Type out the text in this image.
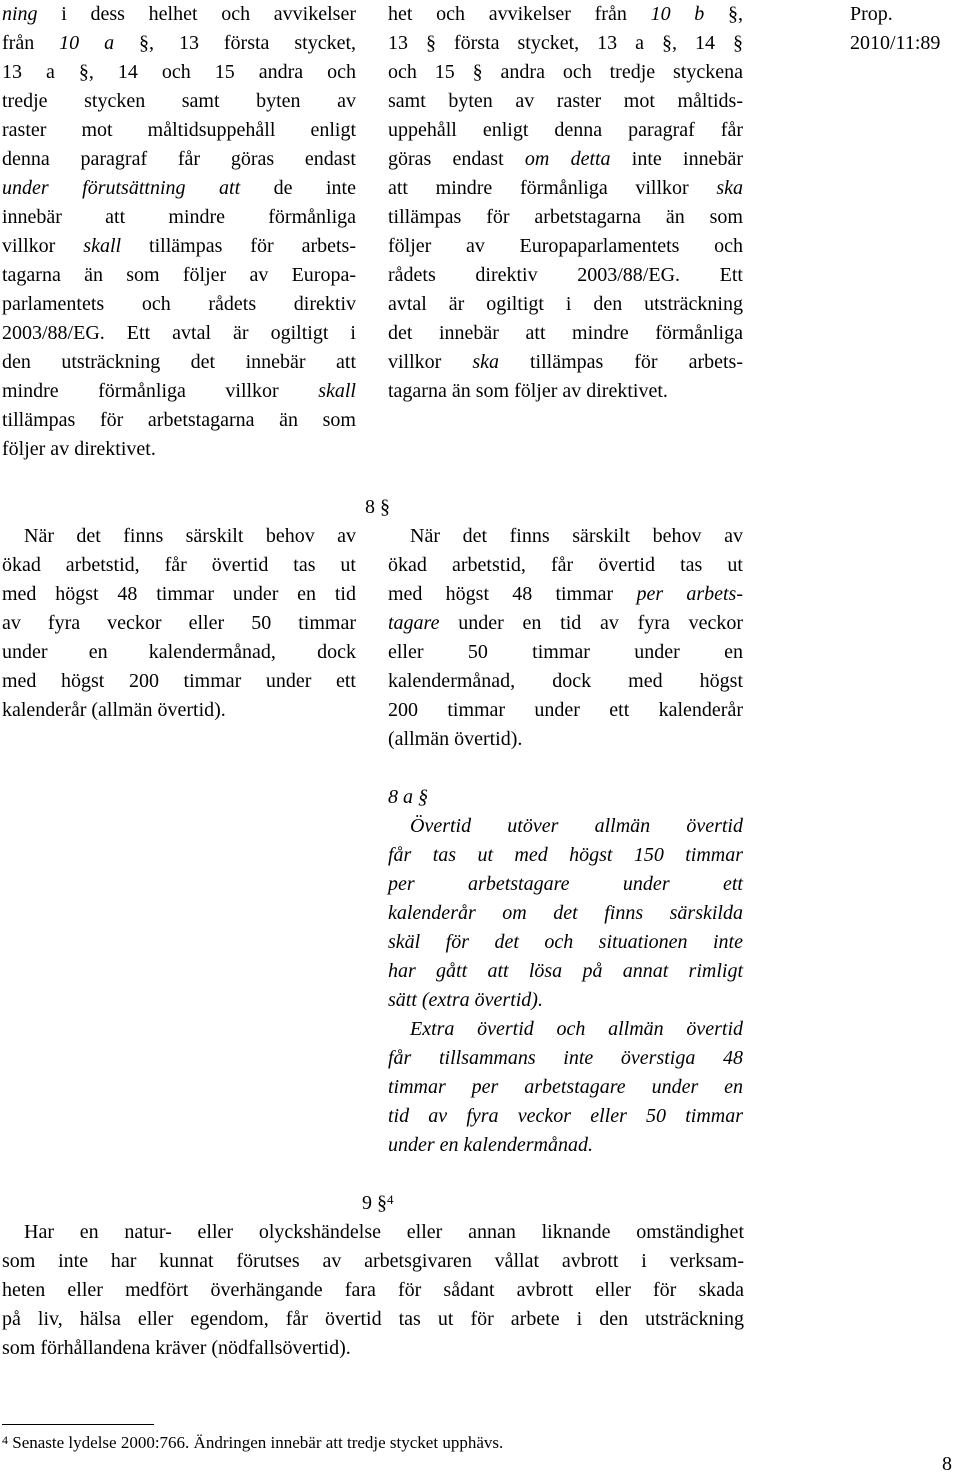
Prop. 2010/11:89
ning i dess helhet och avvikelser
från 10 a §, 13 första stycket,
13 a §, 14 och 15 andra och
tredje stycken samt byten av
raster mot måltidsuppehåll enligt
denna paragraf får göras endast
under förutsättning att de inte
innebär att mindre förmånliga
villkor skall tillämpas för arbets-
tagarna än som följer av Europa-
parlamentets och rådets direktiv
2003/88/EG. Ett avtal är ogiltigt i
den utsträckning det innebär att
mindre förmånliga villkor skall
tillämpas för arbetstagarna än som
följer av direktivet.
När det finns särskilt behov av
ökad arbetstid, får övertid tas ut
med högst 48 timmar under en tid
av fyra veckor eller 50 timmar
under en kalendermånad, dock
med högst 200 timmar under ett
kalenderår (allmän övertid).
het och avvikelser från 10 b §,
13 § första stycket, 13 a §, 14 §
och 15 § andra och tredje styckena
samt byten av raster mot måltids-
uppehåll enligt denna paragraf får
göras endast om detta inte innebär
att mindre förmånliga villkor ska
tillämpas för arbetstagarna än som
följer av Europaparlamentets och
rådets direktiv 2003/88/EG. Ett
avtal är ogiltigt i den utsträckning
det innebär att mindre förmånliga
villkor ska tillämpas för arbets-
tagarna än som följer av direktivet.
8 §
När det finns särskilt behov av
ökad arbetstid, får övertid tas ut
med högst 48 timmar per arbets-
tagare under en tid av fyra veckor
eller 50 timmar under en
kalendermånad, dock med högst
200 timmar under ett kalenderår
(allmän övertid).
8 a §
Övertid utöver allmän övertid
får tas ut med högst 150 timmar
per arbetstagare under ett
kalenderår om det finns särskilda
skäl för det och situationen inte
har gått att lösa på annat rimligt
sätt (extra övertid).
Extra övertid och allmän övertid
får tillsammans inte överstiga 48
timmar per arbetstagare under en
tid av fyra veckor eller 50 timmar
under en kalendermånad.
9 §$^4$
Har en natur- eller olyckshändelse eller annan liknande omständighet
som inte har kunnat förutses av arbetsgivaren vållat avbrott i verksam-
heten eller medfört överhängande fara för sådant avbrott eller för skada
på liv, hälsa eller egendom, får övertid tas ut för arbete i den utsträckning
som förhållandena kräver (nödfallsövertid).
$^4$ Senaste lydelse 2000:766. Ändringen innebär att tredje stycket upphävs.
8
